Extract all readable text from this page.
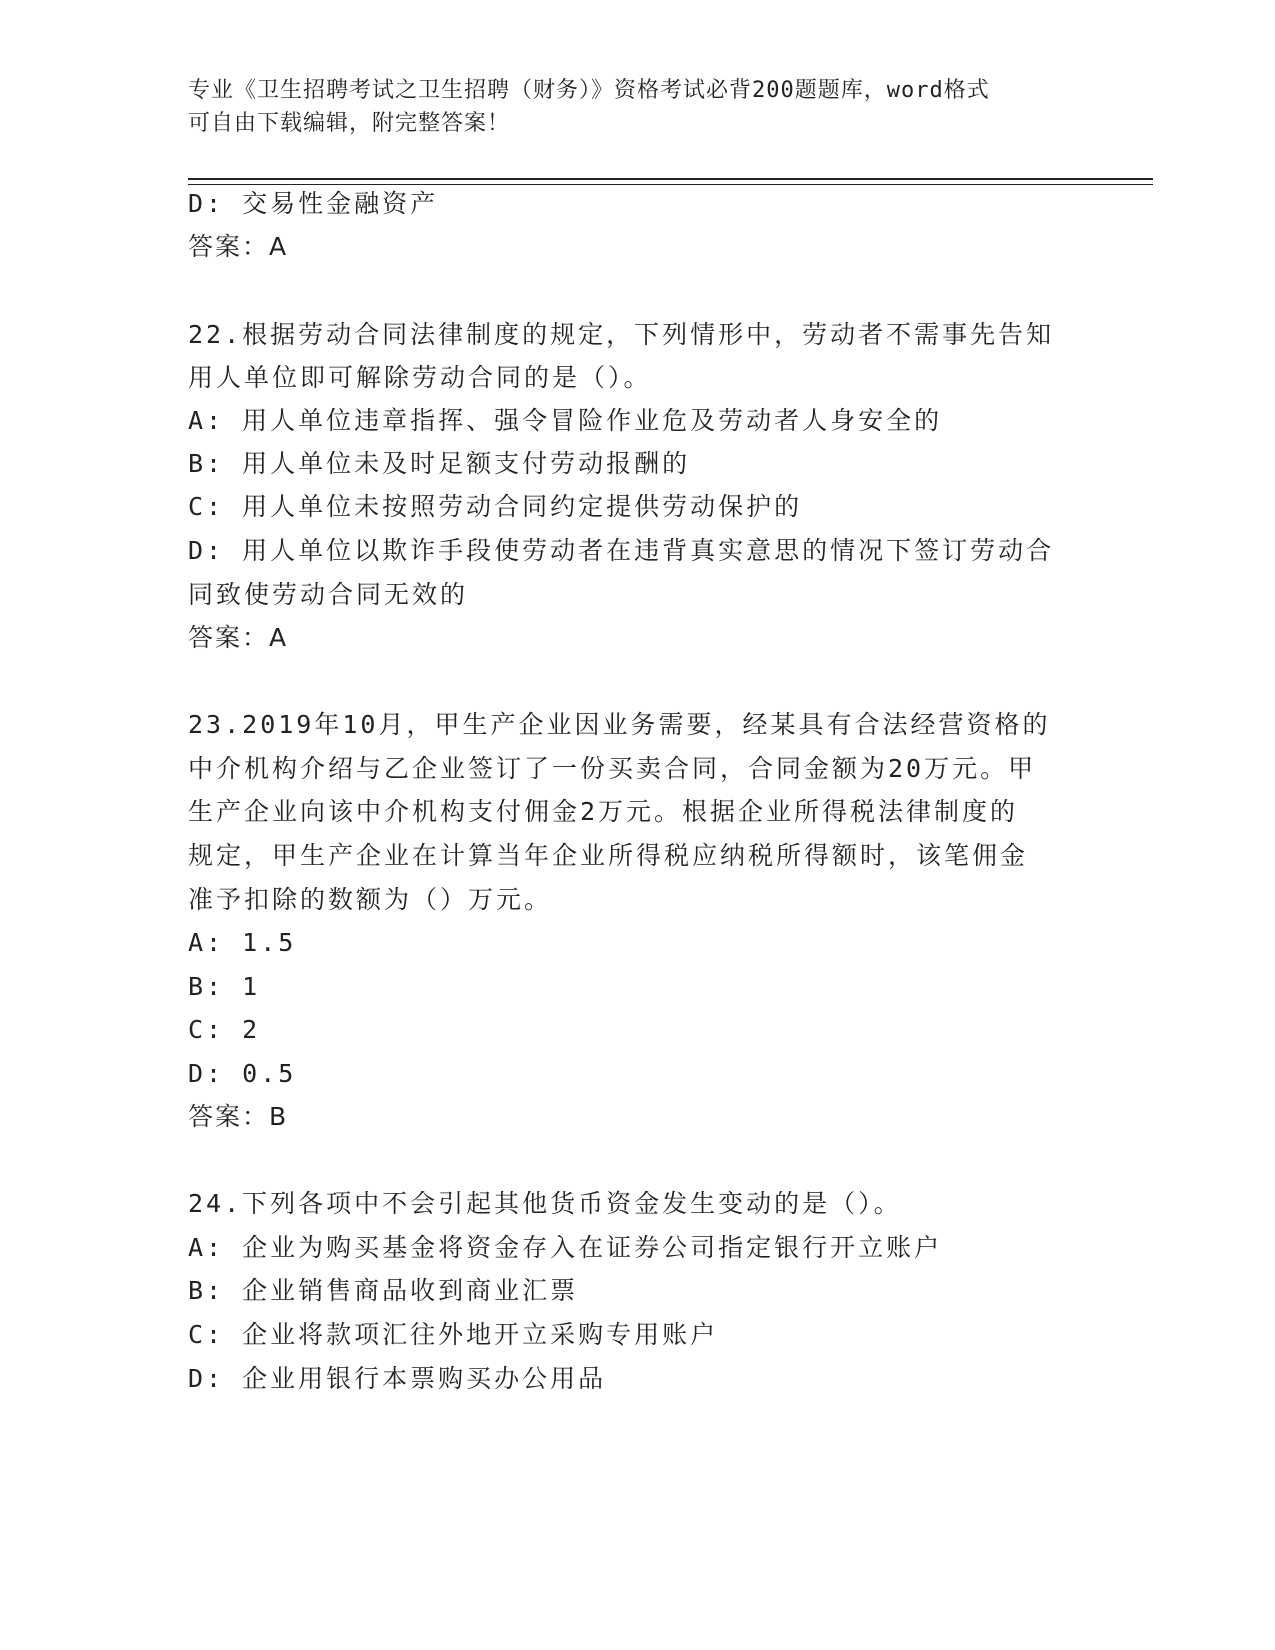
专业《卫生招聘考试之卫生招聘（财务）》资格考试必背200题题库，word格式
可自由下载编辑，附完整答案！
D: 交易性金融资产
答案：A
22.根据劳动合同法律制度的规定，下列情形中，劳动者不需事先告知
用人单位即可解除劳动合同的是（）。
A: 用人单位违章指挥、强令冒险作业危及劳动者人身安全的
B: 用人单位未及时足额支付劳动报酬的
C: 用人单位未按照劳动合同约定提供劳动保护的
D: 用人单位以欺诈手段使劳动者在违背真实意思的情况下签订劳动合
同致使劳动合同无效的
答案：A
23.2019年10月，甲生产企业因业务需要，经某具有合法经营资格的
中介机构介绍与乙企业签订了一份买卖合同，合同金额为20万元。甲
生产企业向该中介机构支付佣金2万元。根据企业所得税法律制度的
规定，甲生产企业在计算当年企业所得税应纳税所得额时，该笔佣金
准予扣除的数额为（）万元。
A: 1.5
B: 1
C: 2
D: 0.5
答案：B
24.下列各项中不会引起其他货币资金发生变动的是（）。
A: 企业为购买基金将资金存入在证券公司指定银行开立账户
B: 企业销售商品收到商业汇票
C: 企业将款项汇往外地开立采购专用账户
D: 企业用银行本票购买办公用品
